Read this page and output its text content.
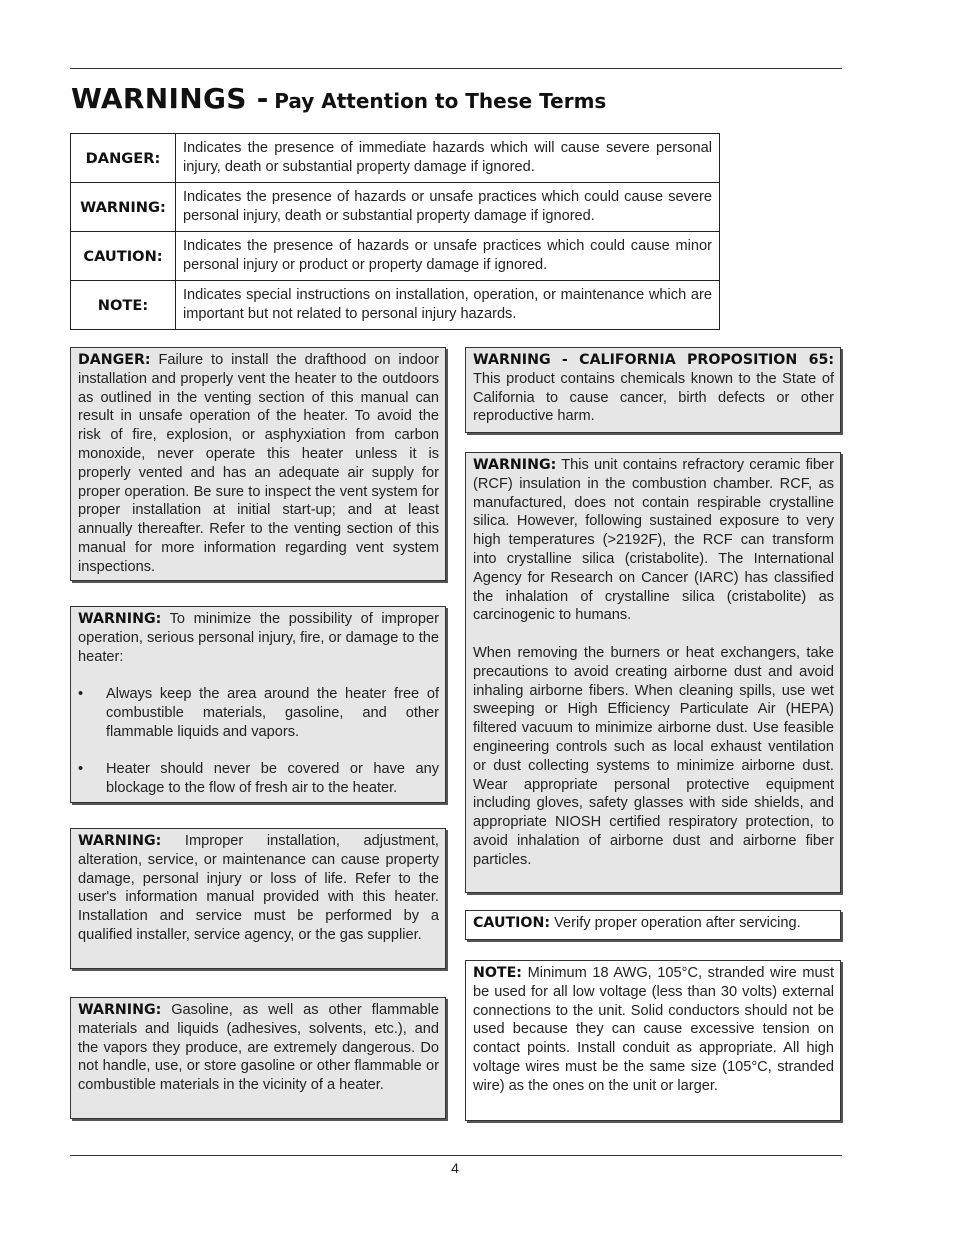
WARNINGS - Pay Attention to These Terms
DANGER:	Indicates the presence of immediate hazards which will cause severe personal injury, death or substantial property damage if ignored.
WARNING:	Indicates the presence of hazards or unsafe practices which could cause severe personal injury, death or substantial property damage if ignored.
CAUTION:	Indicates the presence of hazards or unsafe practices which could cause minor personal injury or product or property damage if ignored.
NOTE:	Indicates special instructions on installation, operation, or maintenance which are important but not related to personal injury hazards.

DANGER: Failure to install the drafthood on indoor installation and properly vent the heater to the outdoors as outlined in the venting section of this manual can result in unsafe operation of the heater. To avoid the risk of fire, explosion, or asphyxiation from carbon monoxide, never operate this heater unless it is properly vented and has an adequate air supply for proper operation. Be sure to inspect the vent system for proper installation at initial start-up; and at least annually thereafter. Refer to the venting section of this manual for more information regarding vent system inspections.

WARNING: To minimize the possibility of improper operation, serious personal injury, fire, or damage to the heater:

• Always keep the area around the heater free of combustible materials, gasoline, and other flammable liquids and vapors.
• Heater should never be covered or have any blockage to the flow of fresh air to the heater.

WARNING: Improper installation, adjustment, alteration, service, or maintenance can cause property damage, personal injury or loss of life. Refer to the user's information manual provided with this heater. Installation and service must be performed by a qualified installer, service agency, or the gas supplier.

WARNING: Gasoline, as well as other flammable materials and liquids (adhesives, solvents, etc.), and the vapors they produce, are extremely dangerous. Do not handle, use, or store gasoline or other flammable or combustible materials in the vicinity of a heater.

WARNING - CALIFORNIA PROPOSITION 65: This product contains chemicals known to the State of California to cause cancer, birth defects or other reproductive harm.

WARNING: This unit contains refractory ceramic fiber (RCF) insulation in the combustion chamber. RCF, as manufactured, does not contain respirable crystalline silica. However, following sustained exposure to very high temperatures (>2192F), the RCF can transform into crystalline silica (cristabolite). The International Agency for Research on Cancer (IARC) has classified the inhalation of crystalline silica (cristabolite) as carcinogenic to humans.

When removing the burners or heat exchangers, take precautions to avoid creating airborne dust and avoid inhaling airborne fibers. When cleaning spills, use wet sweeping or High Efficiency Particulate Air (HEPA) filtered vacuum to minimize airborne dust. Use feasible engineering controls such as local exhaust ventilation or dust collecting systems to minimize airborne dust. Wear appropriate personal protective equipment including gloves, safety glasses with side shields, and appropriate NIOSH certified respiratory protection, to avoid inhalation of airborne dust and airborne fiber particles.

CAUTION: Verify proper operation after servicing.

NOTE: Minimum 18 AWG, 105°C, stranded wire must be used for all low voltage (less than 30 volts) external connections to the unit. Solid conductors should not be used because they can cause excessive tension on contact points. Install conduit as appropriate. All high voltage wires must be the same size (105°C, stranded wire) as the ones on the unit or larger.

4
